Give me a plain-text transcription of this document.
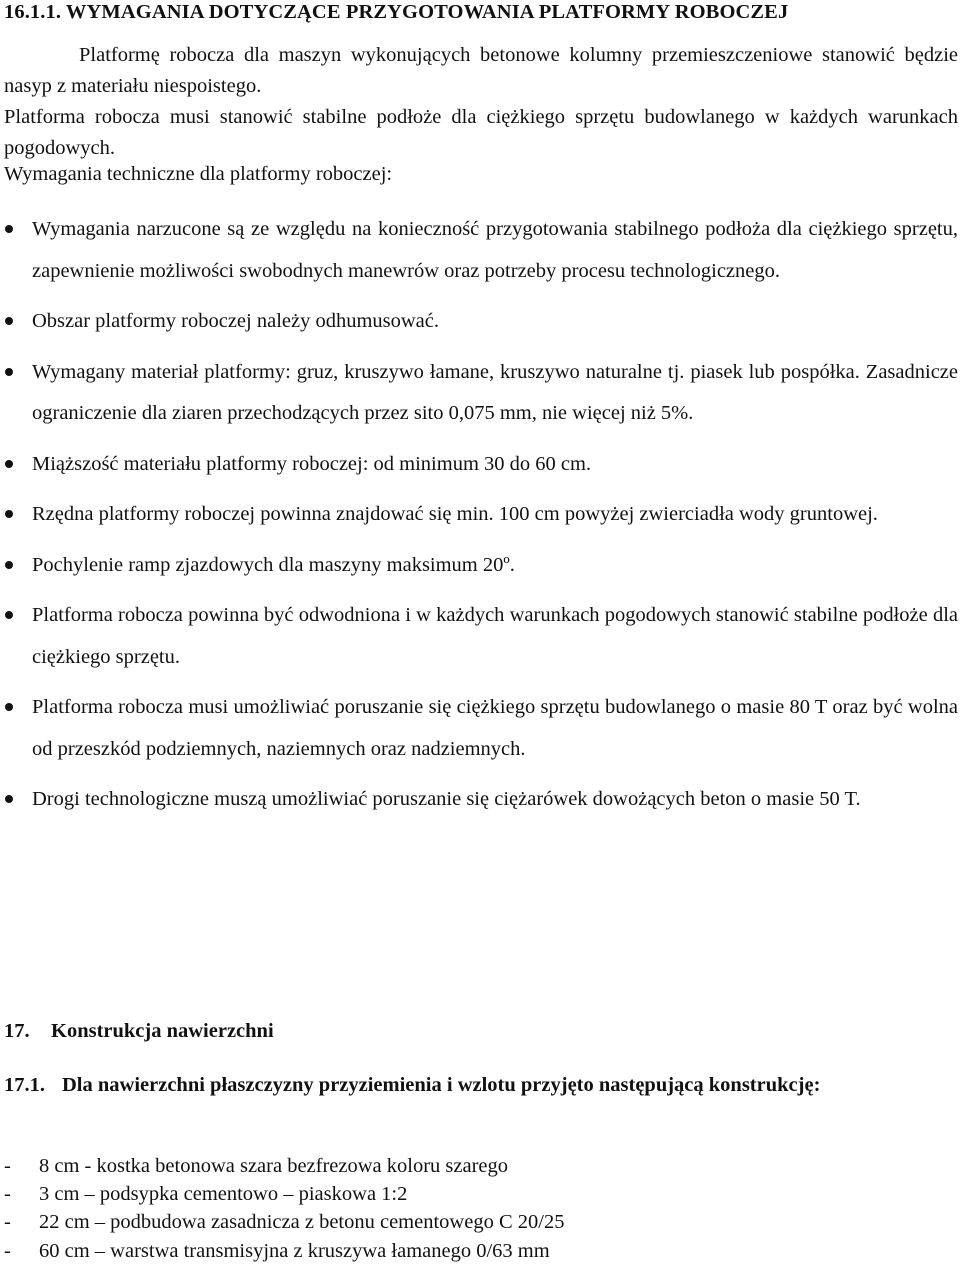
16.1.1. WYMAGANIA DOTYCZĄCE PRZYGOTOWANIA PLATFORMY ROBOCZEJ

Platformę robocza dla maszyn wykonujących betonowe kolumny przemieszczeniowe stanowić będzie nasyp z materiału niespoistego.

Platforma robocza musi stanowić stabilne podłoże dla ciężkiego sprzętu budowlanego w każdych warunkach pogodowych.

Wymagania techniczne dla platformy roboczej:

Wymagania narzucone są ze względu na konieczność przygotowania stabilnego podłoża dla ciężkiego sprzętu, zapewnienie możliwości swobodnych manewrów oraz potrzeby procesu technologicznego.
Obszar platformy roboczej należy odhumusować.
Wymagany materiał platformy: gruz, kruszywo łamane, kruszywo naturalne tj. piasek lub pospółka. Zasadnicze ograniczenie dla ziaren przechodzących przez sito 0,075 mm, nie więcej niż 5%.
Miąższość materiału platformy roboczej: od minimum 30 do 60 cm.
Rzędna platformy roboczej powinna znajdować się min. 100 cm powyżej zwierciadła wody gruntowej.
Pochylenie ramp zjazdowych dla maszyny maksimum 20º.
Platforma robocza powinna być odwodniona i w każdych warunkach pogodowych stanowić stabilne podłoże dla ciężkiego sprzętu.
Platforma robocza musi umożliwiać poruszanie się ciężkiego sprzętu budowlanego o masie 80 T oraz być wolna od przeszkód podziemnych, naziemnych oraz nadziemnych.
Drogi technologiczne muszą umożliwiać poruszanie się ciężarówek dowożących beton o masie 50 T.

17. Konstrukcja nawierzchni

17.1. Dla nawierzchni płaszczyzny przyziemienia i wzlotu przyjęto następującą konstrukcję:

- 8 cm - kostka betonowa szara bezfrezowa koloru szarego
- 3 cm – podsypka cementowo – piaskowa 1:2
- 22 cm – podbudowa zasadnicza z betonu cementowego C 20/25
- 60 cm – warstwa transmisyjna z kruszywa łamanego 0/63 mm
